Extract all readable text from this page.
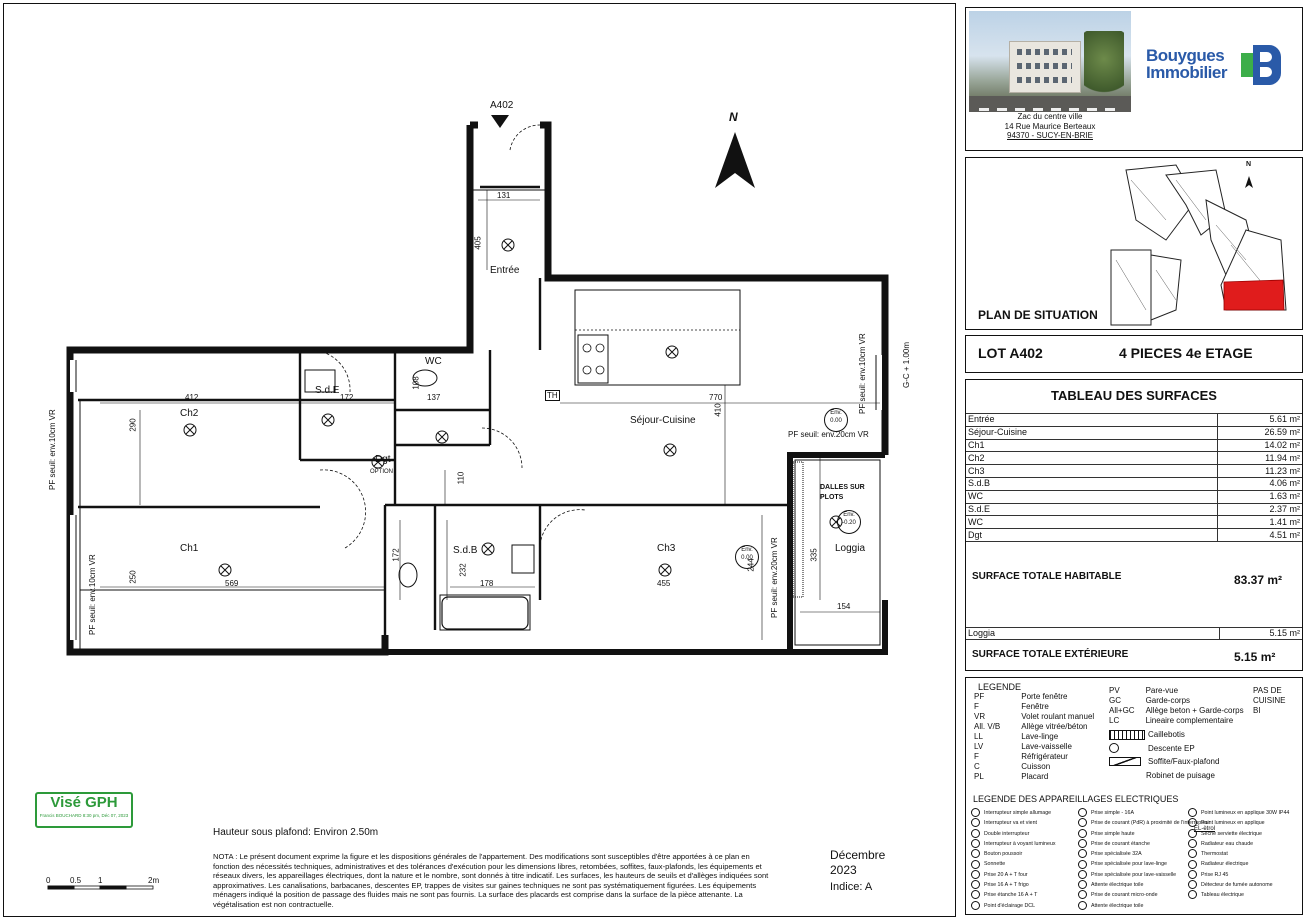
A402
N
Entrée
Séjour-Cuisine
Ch2
Ch1	Ch3
S.d.E
WC
Dgt
S.d.B	Loggia
131
405
412	770
410
290
172	137
108
110
250	569
172
232
178
244
455
335
154
PF seuil: env.10cm VR
PF seuil: env.10cm VR
PF seuil: env.10cm VR
PF seuil: env.20cm VR
PF seuil: env.20cm VR
G-C + 1.00m
DALLES SUR PLOTS
Env. 0.00
Env. 0.00
Env. -0.20
OPTION
TH
Hauteur sous plafond: Environ 2.50m
0 0.5 1	2m
Visé GPH
Francis BOUCHARD 8:30 pm, Déc 07, 2023
NOTA : Le présent document exprime la figure et les dispositions générales de l'appartement. Des modifications sont susceptibles d'être apportées à ce plan en fonction des nécessités techniques, administratives et des tolérances d'exécution pour les dimensions libres, retombées, soffites, faux-plafonds, les équipements et réseaux divers, les appareillages électriques, dont la nature et le nombre, sont donnés à titre indicatif. Les surfaces, les hauteurs de seuils et d'allèges indiquées sont approximatives. Les canalisations, barbacanes, descentes EP, trappes de visites sur gaines techniques ne sont pas systématiquement figurées. Les équipements ménagers indiqué la position de passage des fluides mais ne sont pas fournis. La surface des placards est comprise dans la surface de la pièce attenante. La végétalisation est non contractuelle.
Décembre 2023
Indice: A
Zac du centre ville
14 Rue Maurice Berteaux
94370 - SUCY-EN-BRIE
Bouygues
Immobilier
N
PLAN DE SITUATION
LOT A402	4 PIECES 4e ETAGE
TABLEAU DES SURFACES
Entrée	5.61 m²
Séjour-Cuisine	26.59 m²
Ch1	14.02 m²
Ch2	11.94 m²
Ch3	11.23 m²
S.d.B	4.06 m²
WC	1.63 m²
S.d.E	2.37 m²
WC	1.41 m²
Dgt	4.51 m²
SURFACE TOTALE HABITABLE	83.37 m²
Loggia	5.15 m²
SURFACE TOTALE EXTÉRIEURE	5.15 m²
LEGENDE
PF	Porte fenêtre
F	Fenêtre
VR	Volet roulant manuel
All. V/B	Allège vitrée/béton
LL	Lave-linge
LV	Lave-vaisselle
F	Réfrigérateur
C	Cuisson
PL	Placard
PV	Pare-vue
GC	Garde-corps
All+GC	Allège beton + Garde-corps
LC	Lineaire complementaire
Caillebotis
Descente EP
Soffite/Faux-plafond
Robinet de puisage
PAS DE
CUISINE
BI
LEGENDE DES APPAREILLAGES ELECTRIQUES
Interrupteur simple allumage
Interrupteur va et vient
Double interrupteur
Interrupteur à voyant lumineux
Bouton poussoir
Sonnette
Prise 20 A + T four
Prise 16 A + T frigo
Prise étanche 16 A + T
Point d'éclairage DCL
Prise simple - 16A
Prise de courant (PdR) à proximité de l'interrupteur
Prise simple haute
Prise de courant étanche
Prise spécialisée 32A
Prise spécialisée pour lave-linge
Prise spécialisée pour lave-vaisselle
Attente électrique toile
Prise de courant micro-onde
Attente électrique toile
Point lumineux en applique 30W IP44
Point lumineux en applique
Sèche serviette électrique
Radiateur eau chaude
Thermostat
Radiateur électrique
Prise RJ 45
Détecteur de fumée autonome
Tableau électrique
EL-ètrol
